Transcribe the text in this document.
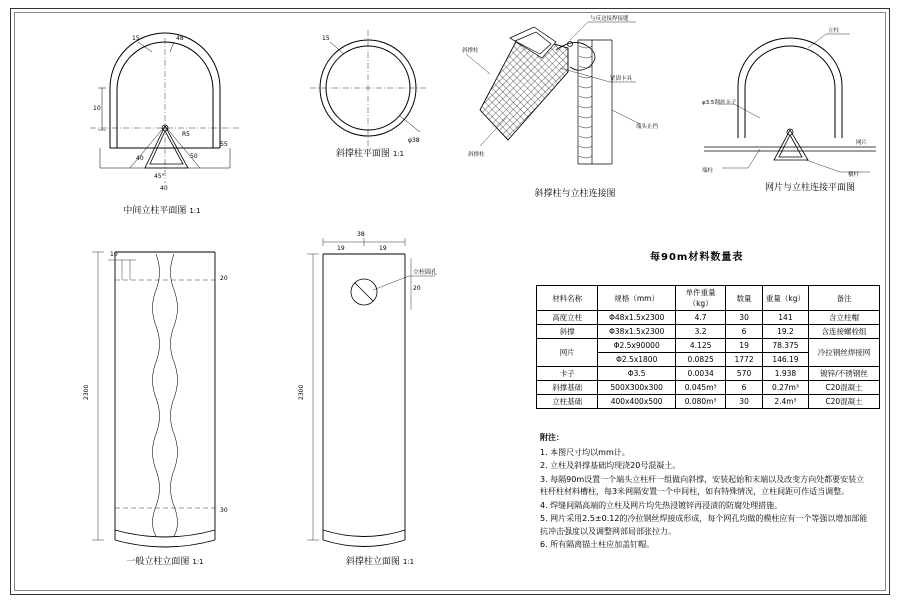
15	48
10
R5
45°
50
40
40
55
中间立柱平面图 1:1
15
φ38
斜撑柱平面图 1:1
与反边接焊接缝
紧固卡具
端头止挡
斜撑柱
斜撑柱
斜撑柱与立柱连接图
立柱
φ3.5钢丝卡子
横杆
端柱
网片
网片与立柱连接平面图
2300
20
30
10
一般立柱立面图 1:1
38
19	19
2300
立柱圆孔
20
斜撑柱立面图 1:1
每90m材料数量表
材料名称	规格（mm）	单件重量（kg）	数量	重量（kg）	备注
高度立柱	Φ48x1.5x2300	4.7	30	141	含立柱帽
斜撑	Φ38x1.5x2300	3.2	6	19.2	含连接螺栓组
网片	Φ2.5x90000	4.125	19	78.375	冷拉钢丝焊接网
	Φ2.5x1800	0.0825	1772	146.19	
卡子	Φ3.5	0.0034	570	1.938	镀锌/不锈钢丝
斜撑基础	500X300x300	0.045m³	6	0.27m³	C20混凝土
立柱基础	400x400x500	0.080m³	30	2.4m³	C20混凝土
附注：
1. 本图尺寸均以mm计。
2. 立柱及斜撑基础均现浇20号混凝土。
3. 每隔90m设置一个端头立柱杆一组做向斜撑，安装起始和末端以及改变方向处都要安装立柱杆柱材料槽柱，每3米网隔安置一个中间柱，如有特殊情况，立柱间距可作适当调整。
4. 焊缝间隔高端的立柱及网片均先热浸镀锌再浸渍的防腐处理措施。
5. 网片采用2.5±0.12的冷拉钢丝焊接成形成，每个网孔均做的模柱应有一个等强以增加部能抗冲击强度以及调整网部局部张拉力。
6. 所有隔离锚土柱应加盖钉帽。
